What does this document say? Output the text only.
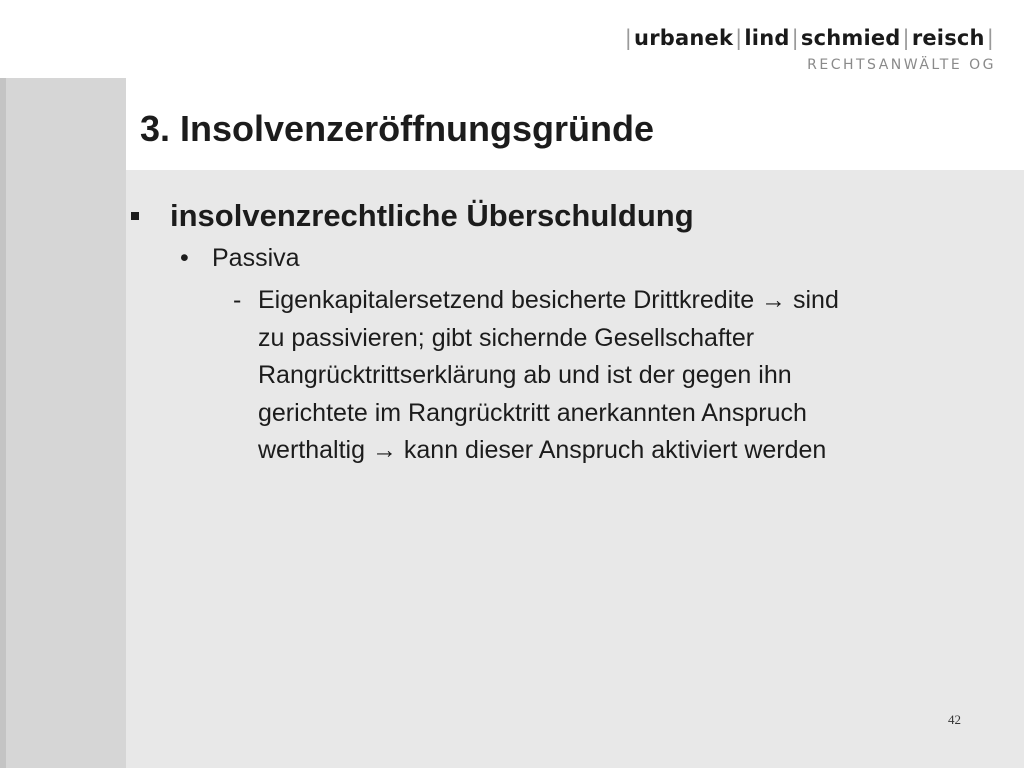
|urbanek|lind|schmied|reisch|
RECHTSANWÄLTE OG
3. Insolvenzeröffnungsgründe
insolvenzrechtliche Überschuldung
• Passiva
- Eigenkapitalersetzend besicherte Drittkredite → sind
zu passivieren; gibt sichernde Gesellschafter
Rangrücktrittserklärung ab und ist der gegen ihn
gerichtete im Rangrücktritt anerkannten Anspruch
werthaltig → kann dieser Anspruch aktiviert werden
42
